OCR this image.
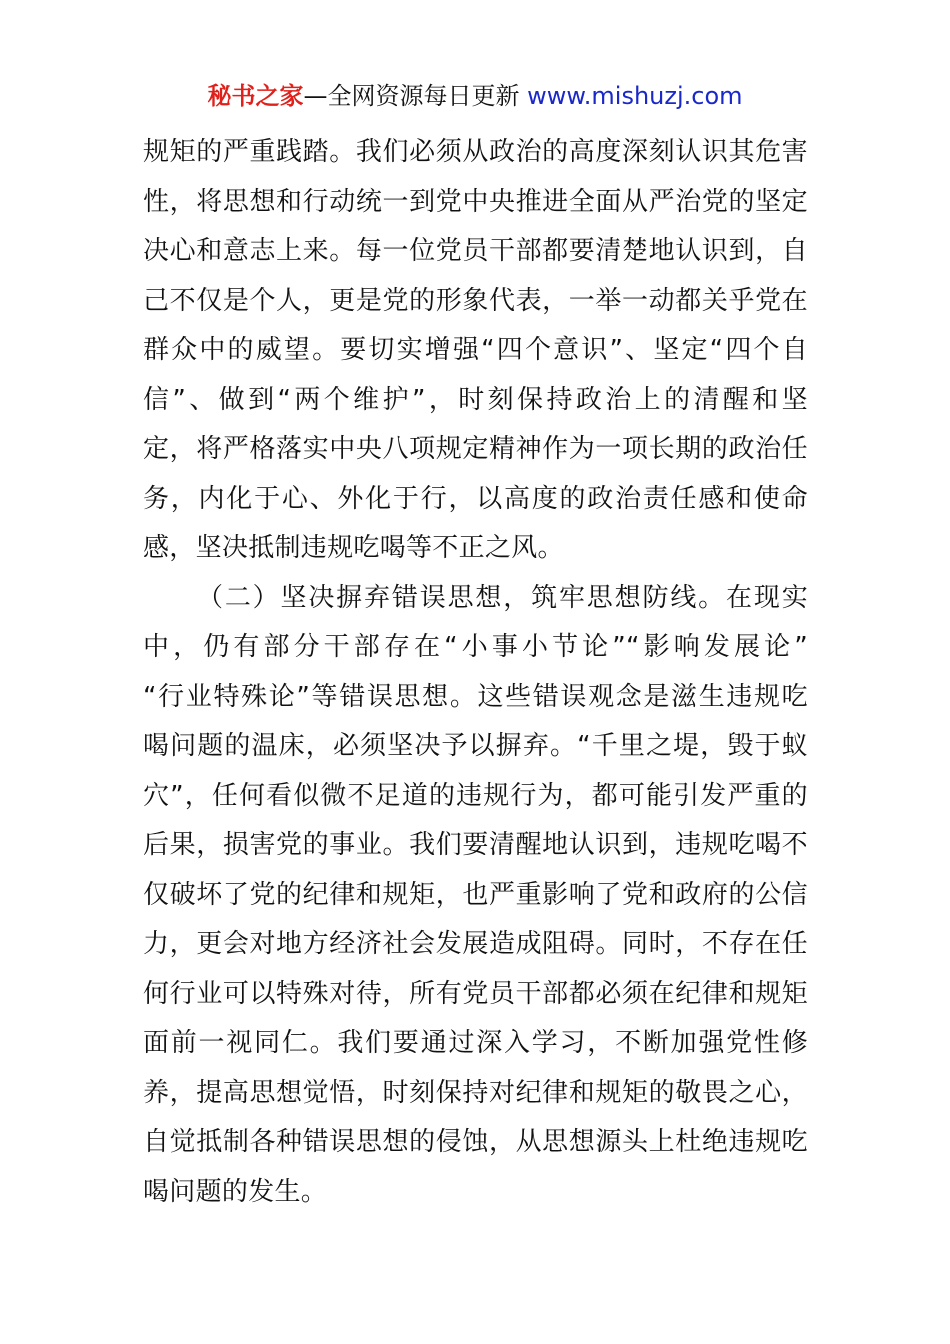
秘书之家—全网资源每日更新 www.mishuzj.com
规矩的严重践踏。我们必须从政治的高度深刻认识其危害
性，将思想和行动统一到党中央推进全面从严治党的坚定
决心和意志上来。每一位党员干部都要清楚地认识到，自
己不仅是个人，更是党的形象代表，一举一动都关乎党在
群众中的威望。要切实增强“四个意识”、坚定“四个自
信”、做到“两个维护”，时刻保持政治上的清醒和坚
定，将严格落实中央八项规定精神作为一项长期的政治任
务，内化于心、外化于行，以高度的政治责任感和使命
感，坚决抵制违规吃喝等不正之风。
（二）坚决摒弃错误思想，筑牢思想防线。在现实
中，仍有部分干部存在“小事小节论”“影响发展论”
“行业特殊论”等错误思想。这些错误观念是滋生违规吃
喝问题的温床，必须坚决予以摒弃。“千里之堤，毁于蚁
穴”，任何看似微不足道的违规行为，都可能引发严重的
后果，损害党的事业。我们要清醒地认识到，违规吃喝不
仅破坏了党的纪律和规矩，也严重影响了党和政府的公信
力，更会对地方经济社会发展造成阻碍。同时，不存在任
何行业可以特殊对待，所有党员干部都必须在纪律和规矩
面前一视同仁。我们要通过深入学习，不断加强党性修
养，提高思想觉悟，时刻保持对纪律和规矩的敬畏之心，
自觉抵制各种错误思想的侵蚀，从思想源头上杜绝违规吃
喝问题的发生。
